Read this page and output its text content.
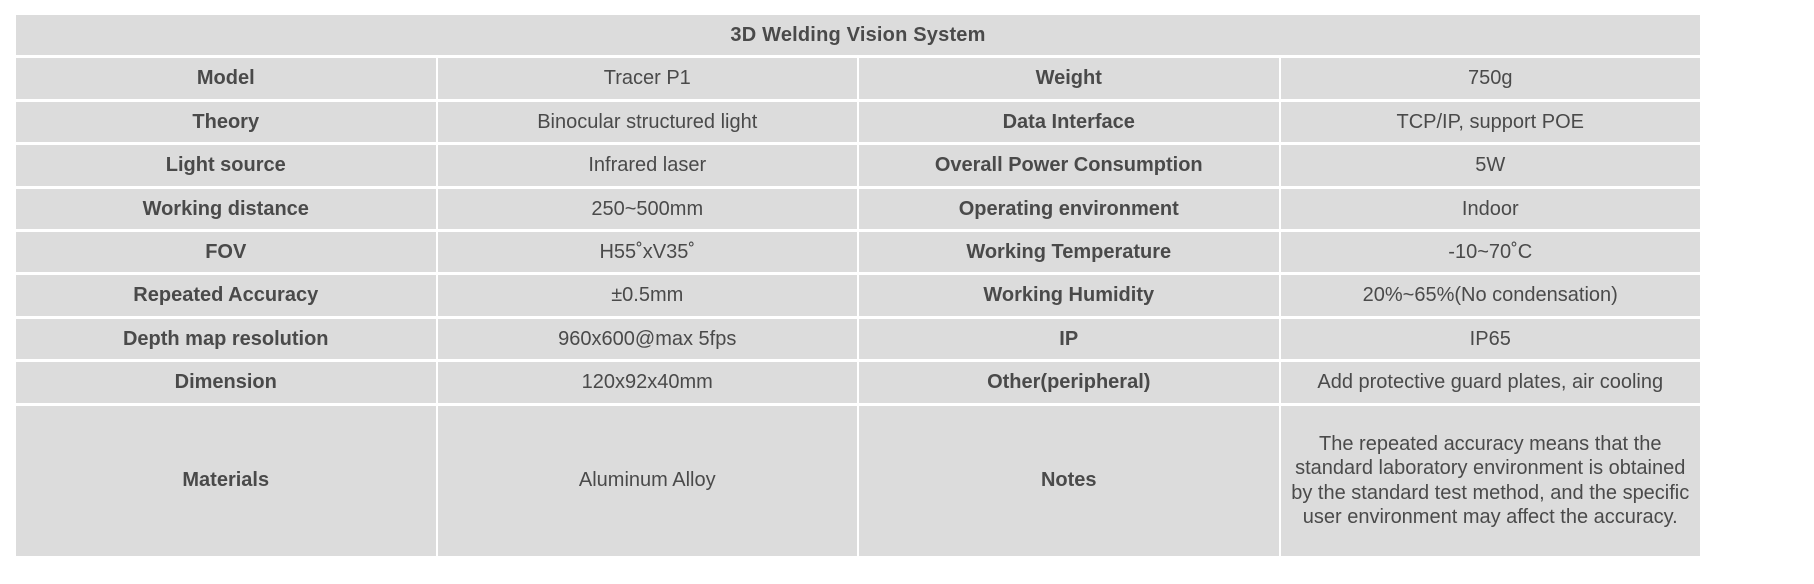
3D Welding Vision System			
Model	Tracer P1	Weight	750g
Theory	Binocular structured light	Data Interface	TCP/IP, support POE
Light source	Infrared laser	Overall Power Consumption	5W
Working distance	250~500mm	Operating environment	Indoor
FOV	H55˚xV35˚	Working Temperature	-10~70˚C
Repeated Accuracy	±0.5mm	Working Humidity	20%~65%(No condensation)
Depth map resolution	960x600@max 5fps	IP	IP65
Dimension	120x92x40mm	Other(peripheral)	Add protective guard plates, air cooling
Materials	Aluminum Alloy	Notes	The repeated accuracy means that the standard laboratory environment is obtained by the standard test method, and the specific user environment may affect the accuracy.
